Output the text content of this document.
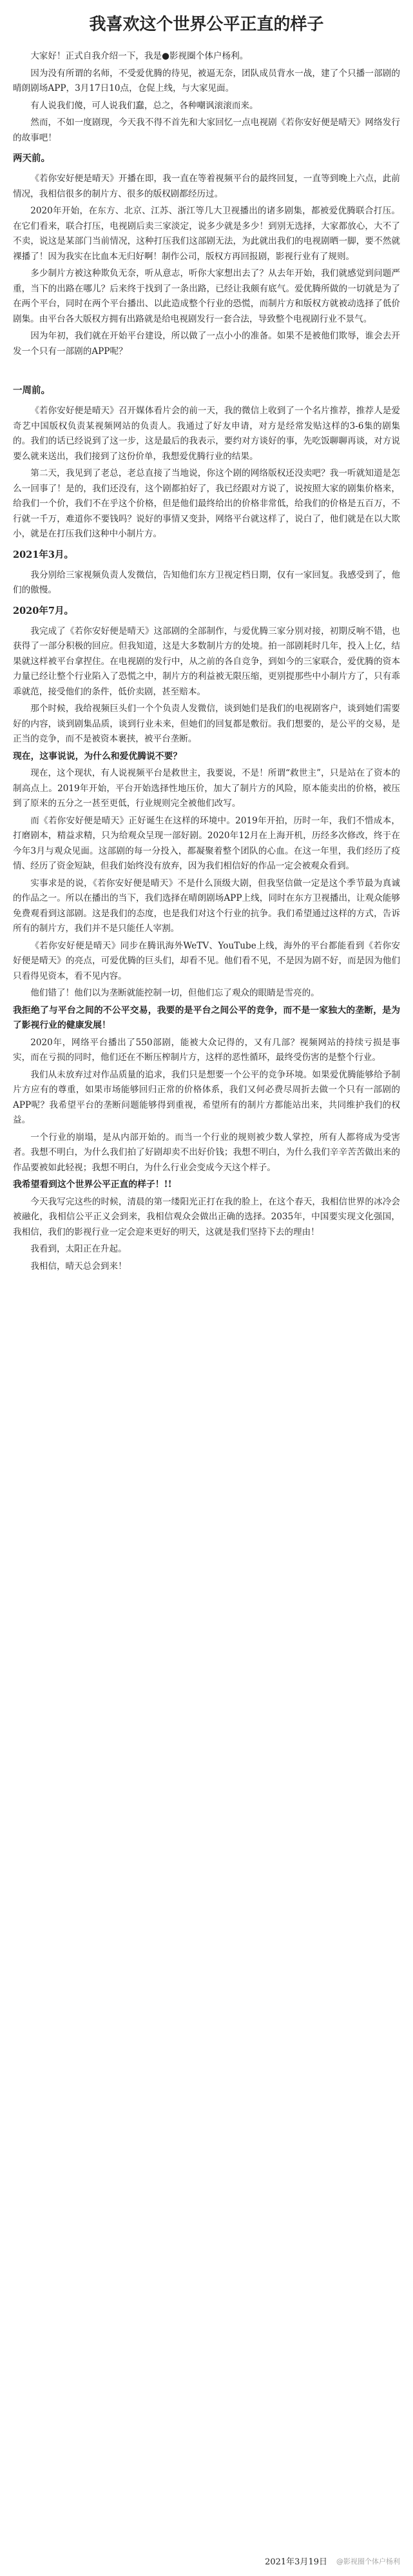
我喜欢这个世界公平正直的样子

大家好！正式自我介绍一下，我是●影视圈个体户杨利。

因为没有所谓的名师，不受爱优腾的待见，被逼无奈，团队成员背水一战，建了个只播一部剧的晴朗剧场APP，3月17日10点，仓促上线，与大家见面。

有人说我们傻，可人说我们蠢，总之，各种嘲讽滚滚而来。

然而，不如一度剧现，今天我不得不首先和大家回忆一点电视剧《若你安好便是晴天》网络发行的故事吧！

两天前。

《若你安好便是晴天》开播在即，我一直在等着视频平台的最终回复，一直等到晚上六点，此前情况，我相信很多的制片方、很多的版权剧都经历过。

2020年开始，在东方、北京、江苏、浙江等几大卫视播出的诸多剧集，都被爱优腾联合打压。在它们看来，联合打压，电视剧后卖三家淡定，说多少就是多少！到别无选择，大家都放心，大不了不卖，说这是某部门当前情况，这种打压我们这部剧无法，为此就出我们的电视剧晒一脚，要不然就裸播了！因为我实在比血本无归好啊！制作公司，版权方再回报剧，影视行业有了规则。

多少制片方被这种欺负无奈，听从意志，听你大家想出去了？从去年开始，我们就感觉到问题严重，当下的出路在哪儿？后来终于找到了一条出路，已经让我颇有底气。爱优腾所做的一切就是为了在两个平台，同时在两个平台播出、以此造成整个行业的恐慌，而制片方和版权方就被动选择了低价剧集。由平台各大版权方拥有出路就是给电视剧发行一套合法，导致整个电视剧行业不景气。

因为年初，我们就在开始平台建设，所以做了一点小小的准备。如果不是被他们欺辱，谁会去开发一个只有一部剧的APP呢？

一周前。

《若你安好便是晴天》召开媒体看片会的前一天，我的微信上收到了一个名片推荐，推荐人是爱奇艺中国版权负责某视频网站的负责人。我通过了好友申请，对方是经常发贴这样的3-6集的剧集的。我们的话已经说到了这一步，这是最后的我表示，要约对方谈好的事，先吃饭聊聊再谈，对方说要么就来送出，我们接到了这份价单，我想爱优腾行业的结果。

第二天，我见到了老总，老总直接了当地说，你这个剧的网络版权还没卖吧？我一听就知道是怎么一回事了！是的，我们还没有，这个剧都拍好了，我已经跟对方说了，说按照大家的剧集价格来，给我们一个价，我们不在乎这个价格，但是他们最终给出的价格非常低，给我们的价格是五百万，不行就一千万，难道你不要钱吗？说好的事情又变卦，网络平台就这样了，说白了，他们就是在以大欺小，就是在打压我们这种中小制片方。

2021年3月。

我分别给三家视频负责人发微信，告知他们东方卫视定档日期，仅有一家回复。我感受到了，他们的傲慢。

2020年7月。

我完成了《若你安好便是晴天》这部剧的全部制作，与爱优腾三家分别对接，初期反响不错，也获得了一部分积极的回应。但我知道，这是大多数制片方的处境。拍一部剧耗时几年，投入上亿，结果就这样被平台拿捏住。在电视剧的发行中，从之前的各自竞争，到如今的三家联合，爱优腾的资本力量已经让整个行业陷入了恐慌之中，制片方的利益被无限压缩，更别提那些中小制片方了，只有乖乖就范，接受他们的条件，低价卖剧，甚至赔本。

那个时候，我给视频巨头们一个个负责人发微信，谈到她们是我们的电视剧客户，谈到她们需要好的内容，谈到剧集品质，谈到行业未来，但她们的回复都是敷衍。我们想要的，是公平的交易，是正当的竞争，而不是被资本裹挟，被平台垄断。

现在，这事说说，为什么和爱优腾说不要？

现在，这个现状，有人说视频平台是救世主，我要说，不是！所谓“救世主”，只是站在了资本的制高点上。2019年开始，平台开始选择性地压价，加大了制片方的风险，原本能卖出的价格，被压到了原来的五分之一甚至更低，行业规则完全被他们改写。

而《若你安好便是晴天》正好诞生在这样的环境中。2019年开拍，历时一年，我们不惜成本，打磨剧本，精益求精，只为给观众呈现一部好剧。2020年12月在上海开机，历经多次修改，终于在今年3月与观众见面。这部剧的每一分投入，都凝聚着整个团队的心血。在这一年里，我们经历了疫情、经历了资金短缺，但我们始终没有放弃，因为我们相信好的作品一定会被观众看到。

实事求是的说，《若你安好便是晴天》不是什么顶级大剧，但我坚信做一定是这个季节最为真诚的作品之一。所以在播出的当下，我们选择在晴朗剧场APP上线，同时在东方卫视播出，让观众能够免费观看到这部剧。这是我们的态度，也是我们对这个行业的抗争。我们希望通过这样的方式，告诉所有的制片方，我们并不是只能任人宰割。

《若你安好便是晴天》同步在腾讯海外WeTV、YouTube上线，海外的平台都能看到《若你安好便是晴天》的亮点，可爱优腾的巨头们，却看不见。他们看不见，不是因为剧不好，而是因为他们只看得见资本，看不见内容。

他们错了！他们以为垄断就能控制一切，但他们忘了观众的眼睛是雪亮的。

我拒绝了与平台之间的不公平交易，我要的是平台之间公平的竞争，而不是一家独大的垄断，是为了影视行业的健康发展！

2020年，网络平台播出了550部剧，能被大众记得的，又有几部？视频网站的持续亏损是事实，而在亏损的同时，他们还在不断压榨制片方，这样的恶性循环，最终受伤害的是整个行业。

我们从未放弃过对作品质量的追求，我们只是想要一个公平的竞争环境。如果爱优腾能够给予制片方应有的尊重，如果市场能够回归正常的价格体系，我们又何必费尽周折去做一个只有一部剧的APP呢？我希望平台的垄断问题能够得到重视，希望所有的制片方都能站出来，共同维护我们的权益。

一个行业的崩塌，是从内部开始的。而当一个行业的规则被少数人掌控，所有人都将成为受害者。我想不明白，为什么我们拍了好剧却卖不出好价钱；我想不明白，为什么我们辛辛苦苦做出来的作品要被如此轻视；我想不明白，为什么行业会变成今天这个样子。

我希望看到这个世界公平正直的样子！!!

今天我写完这些的时候，清晨的第一缕阳光正打在我的脸上，在这个春天，我相信世界的冰冷会被融化，我相信公平正义会到来，我相信观众会做出正确的选择。2035年，中国要实现文化强国，我相信，我们的影视行业一定会迎来更好的明天，这就是我们坚持下去的理由！

我看到，太阳正在升起。

我相信，晴天总会到来！

2021年3月19日 @影视圈个体户杨利
